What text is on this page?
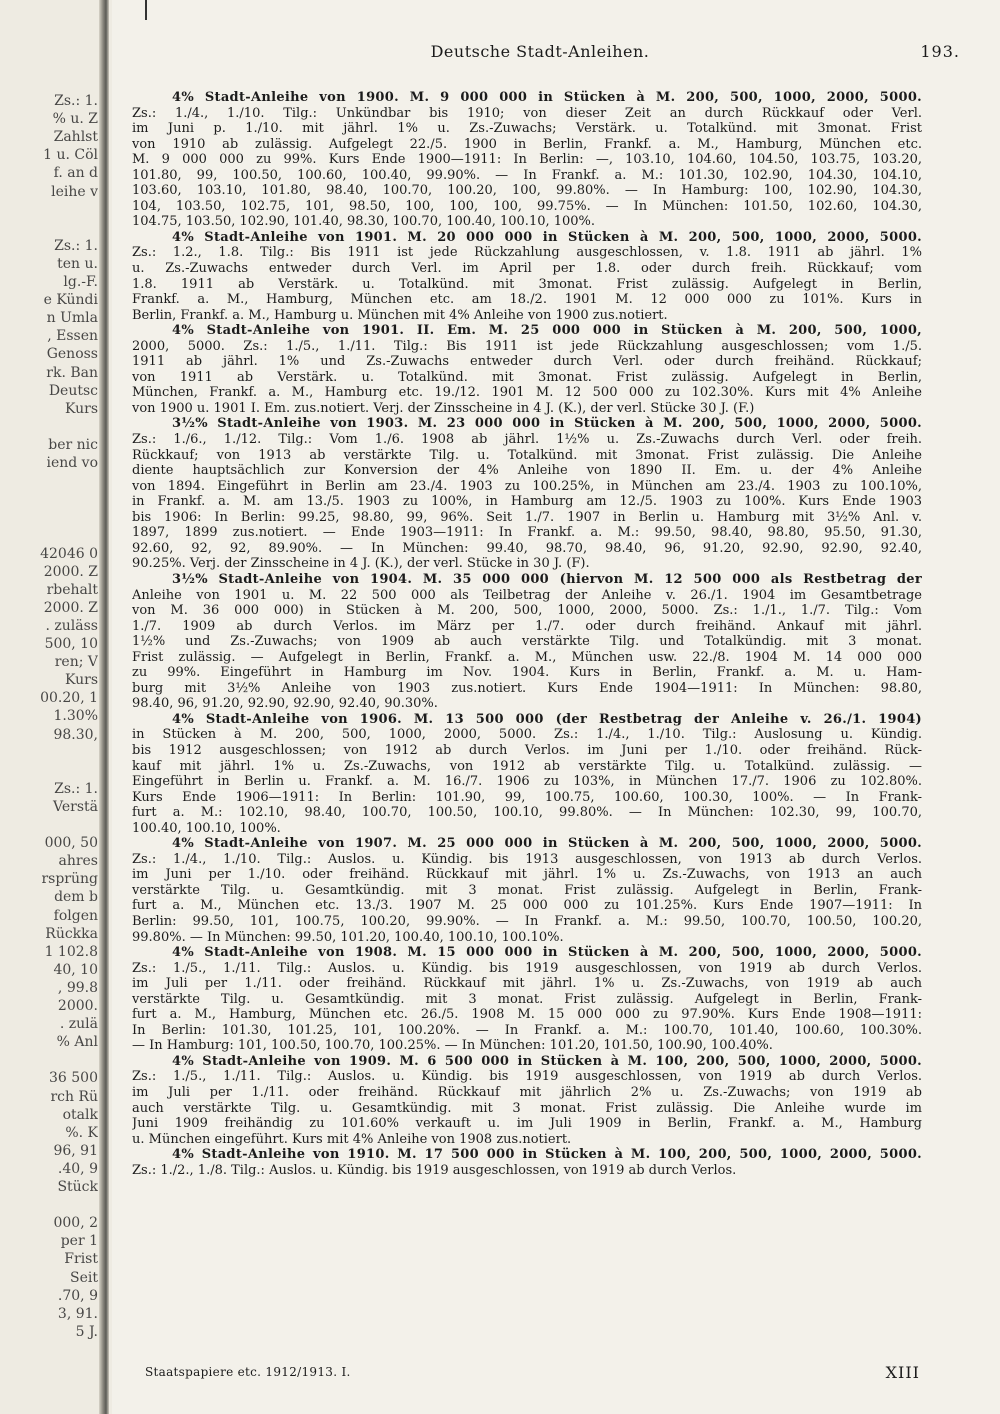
Zs.: 1.
% u. Z
Zahlst
1 u. Cöl
f. an d
leihe v
Zs.: 1.
ten u.
lg.-F.
e Kündi
n Umla
, Essen
Genoss
rk. Ban
Deutsc
Kurs
ber nic
iend vo
42046 0
2000. Z
rbehalt
2000. Z
. zuläss
500, 10
ren; V
Kurs
00.20, 1
1.30%
98.30,
Zs.: 1.
Verstä
000, 50
ahres
rsprüng
dem b
folgen
Rückka
1 102.8
40, 10
, 99.8
2000.
. zulä
% Anl
36 500
rch Rü
otalk
%. K
96, 91
.40, 9
Stück
000, 2
per 1
Frist
Seit
.70, 9
3, 91.
5 J.
Deutsche Stadt-Anleihen.	193.
4% Stadt-Anleihe von 1900. M. 9 000 000 in Stücken à M. 200, 500, 1000, 2000, 5000.
Zs.: 1./4., 1./10. Tilg.: Unkündbar bis 1910; von dieser Zeit an durch Rückkauf oder Verl.
im Juni p. 1./10. mit jährl. 1% u. Zs.-Zuwachs; Verstärk. u. Totalkünd. mit 3monat. Frist
von 1910 ab zulässig. Aufgelegt 22./5. 1900 in Berlin, Frankf. a. M., Hamburg, München etc.
M. 9 000 000 zu 99%. Kurs Ende 1900—1911: In Berlin: —, 103.10, 104.60, 104.50, 103.75, 103.20,
101.80, 99, 100.50, 100.60, 100.40, 99.90%. — In Frankf. a. M.: 101.30, 102.90, 104.30, 104.10,
103.60, 103.10, 101.80, 98.40, 100.70, 100.20, 100, 99.80%. — In Hamburg: 100, 102.90, 104.30,
104, 103.50, 102.75, 101, 98.50, 100, 100, 100, 99.75%. — In München: 101.50, 102.60, 104.30,
104.75, 103.50, 102.90, 101.40, 98.30, 100.70, 100.40, 100.10, 100%.
4% Stadt-Anleihe von 1901. M. 20 000 000 in Stücken à M. 200, 500, 1000, 2000, 5000.
Zs.: 1.2., 1.8. Tilg.: Bis 1911 ist jede Rückzahlung ausgeschlossen, v. 1.8. 1911 ab jährl. 1%
u. Zs.-Zuwachs entweder durch Verl. im April per 1.8. oder durch freih. Rückkauf; vom
1.8. 1911 ab Verstärk. u. Totalkünd. mit 3monat. Frist zulässig. Aufgelegt in Berlin,
Frankf. a. M., Hamburg, München etc. am 18./2. 1901 M. 12 000 000 zu 101%. Kurs in
Berlin, Frankf. a. M., Hamburg u. München mit 4% Anleihe von 1900 zus.notiert.
4% Stadt-Anleihe von 1901. II. Em. M. 25 000 000 in Stücken à M. 200, 500, 1000,
2000, 5000. Zs.: 1./5., 1./11. Tilg.: Bis 1911 ist jede Rückzahlung ausgeschlossen; vom 1./5.
1911 ab jährl. 1% und Zs.-Zuwachs entweder durch Verl. oder durch freihänd. Rückkauf;
von 1911 ab Verstärk. u. Totalkünd. mit 3monat. Frist zulässig. Aufgelegt in Berlin,
München, Frankf. a. M., Hamburg etc. 19./12. 1901 M. 12 500 000 zu 102.30%. Kurs mit 4% Anleihe
von 1900 u. 1901 I. Em. zus.notiert. Verj. der Zinsscheine in 4 J. (K.), der verl. Stücke 30 J. (F.)
3½% Stadt-Anleihe von 1903. M. 23 000 000 in Stücken à M. 200, 500, 1000, 2000, 5000.
Zs.: 1./6., 1./12. Tilg.: Vom 1./6. 1908 ab jährl. 1½% u. Zs.-Zuwachs durch Verl. oder freih.
Rückkauf; von 1913 ab verstärkte Tilg. u. Totalkünd. mit 3monat. Frist zulässig. Die Anleihe
diente hauptsächlich zur Konversion der 4% Anleihe von 1890 II. Em. u. der 4% Anleihe
von 1894. Eingeführt in Berlin am 23./4. 1903 zu 100.25%, in München am 23./4. 1903 zu 100.10%,
in Frankf. a. M. am 13./5. 1903 zu 100%, in Hamburg am 12./5. 1903 zu 100%. Kurs Ende 1903
bis 1906: In Berlin: 99.25, 98.80, 99, 96%. Seit 1./7. 1907 in Berlin u. Hamburg mit 3½% Anl. v.
1897, 1899 zus.notiert. — Ende 1903—1911: In Frankf. a. M.: 99.50, 98.40, 98.80, 95.50, 91.30,
92.60, 92, 92, 89.90%. — In München: 99.40, 98.70, 98.40, 96, 91.20, 92.90, 92.90, 92.40,
90.25%. Verj. der Zinsscheine in 4 J. (K.), der verl. Stücke in 30 J. (F).
3½% Stadt-Anleihe von 1904. M. 35 000 000 (hiervon M. 12 500 000 als Restbetrag der
Anleihe von 1901 u. M. 22 500 000 als Teilbetrag der Anleihe v. 26./1. 1904 im Gesamtbetrage
von M. 36 000 000) in Stücken à M. 200, 500, 1000, 2000, 5000. Zs.: 1./1., 1./7. Tilg.: Vom
1./7. 1909 ab durch Verlos. im März per 1./7. oder durch freihänd. Ankauf mit jährl.
1½% und Zs.-Zuwachs; von 1909 ab auch verstärkte Tilg. und Totalkündig. mit 3 monat.
Frist zulässig. — Aufgelegt in Berlin, Frankf. a. M., München usw. 22./8. 1904 M. 14 000 000
zu 99%. Eingeführt in Hamburg im Nov. 1904. Kurs in Berlin, Frankf. a. M. u. Ham-
burg mit 3½% Anleihe von 1903 zus.notiert. Kurs Ende 1904—1911: In München: 98.80,
98.40, 96, 91.20, 92.90, 92.90, 92.40, 90.30%.
4% Stadt-Anleihe von 1906. M. 13 500 000 (der Restbetrag der Anleihe v. 26./1. 1904)
in Stücken à M. 200, 500, 1000, 2000, 5000. Zs.: 1./4., 1./10. Tilg.: Auslosung u. Kündig.
bis 1912 ausgeschlossen; von 1912 ab durch Verlos. im Juni per 1./10. oder freihänd. Rück-
kauf mit jährl. 1% u. Zs.-Zuwachs, von 1912 ab verstärkte Tilg. u. Totalkünd. zulässig. —
Eingeführt in Berlin u. Frankf. a. M. 16./7. 1906 zu 103%, in München 17./7. 1906 zu 102.80%.
Kurs Ende 1906—1911: In Berlin: 101.90, 99, 100.75, 100.60, 100.30, 100%. — In Frank-
furt a. M.: 102.10, 98.40, 100.70, 100.50, 100.10, 99.80%. — In München: 102.30, 99, 100.70,
100.40, 100.10, 100%.
4% Stadt-Anleihe von 1907. M. 25 000 000 in Stücken à M. 200, 500, 1000, 2000, 5000.
Zs.: 1./4., 1./10. Tilg.: Auslos. u. Kündig. bis 1913 ausgeschlossen, von 1913 ab durch Verlos.
im Juni per 1./10. oder freihänd. Rückkauf mit jährl. 1% u. Zs.-Zuwachs, von 1913 an auch
verstärkte Tilg. u. Gesamtkündig. mit 3 monat. Frist zulässig. Aufgelegt in Berlin, Frank-
furt a. M., München etc. 13./3. 1907 M. 25 000 000 zu 101.25%. Kurs Ende 1907—1911: In
Berlin: 99.50, 101, 100.75, 100.20, 99.90%. — In Frankf. a. M.: 99.50, 100.70, 100.50, 100.20,
99.80%. — In München: 99.50, 101.20, 100.40, 100.10, 100.10%.
4% Stadt-Anleihe von 1908. M. 15 000 000 in Stücken à M. 200, 500, 1000, 2000, 5000.
Zs.: 1./5., 1./11. Tilg.: Auslos. u. Kündig. bis 1919 ausgeschlossen, von 1919 ab durch Verlos.
im Juli per 1./11. oder freihänd. Rückkauf mit jährl. 1% u. Zs.-Zuwachs, von 1919 ab auch
verstärkte Tilg. u. Gesamtkündig. mit 3 monat. Frist zulässig. Aufgelegt in Berlin, Frank-
furt a. M., Hamburg, München etc. 26./5. 1908 M. 15 000 000 zu 97.90%. Kurs Ende 1908—1911:
In Berlin: 101.30, 101.25, 101, 100.20%. — In Frankf. a. M.: 100.70, 101.40, 100.60, 100.30%.
— In Hamburg: 101, 100.50, 100.70, 100.25%. — In München: 101.20, 101.50, 100.90, 100.40%.
4% Stadt-Anleihe von 1909. M. 6 500 000 in Stücken à M. 100, 200, 500, 1000, 2000, 5000.
Zs.: 1./5., 1./11. Tilg.: Auslos. u. Kündig. bis 1919 ausgeschlossen, von 1919 ab durch Verlos.
im Juli per 1./11. oder freihänd. Rückkauf mit jährlich 2% u. Zs.-Zuwachs; von 1919 ab
auch verstärkte Tilg. u. Gesamtkündig. mit 3 monat. Frist zulässig. Die Anleihe wurde im
Juni 1909 freihändig zu 101.60% verkauft u. im Juli 1909 in Berlin, Frankf. a. M., Hamburg
u. München eingeführt. Kurs mit 4% Anleihe von 1908 zus.notiert.
4% Stadt-Anleihe von 1910. M. 17 500 000 in Stücken à M. 100, 200, 500, 1000, 2000, 5000.
Zs.: 1./2., 1./8. Tilg.: Auslos. u. Kündig. bis 1919 ausgeschlossen, von 1919 ab durch Verlos.
Staatspapiere etc. 1912/1913. I.	XIII
